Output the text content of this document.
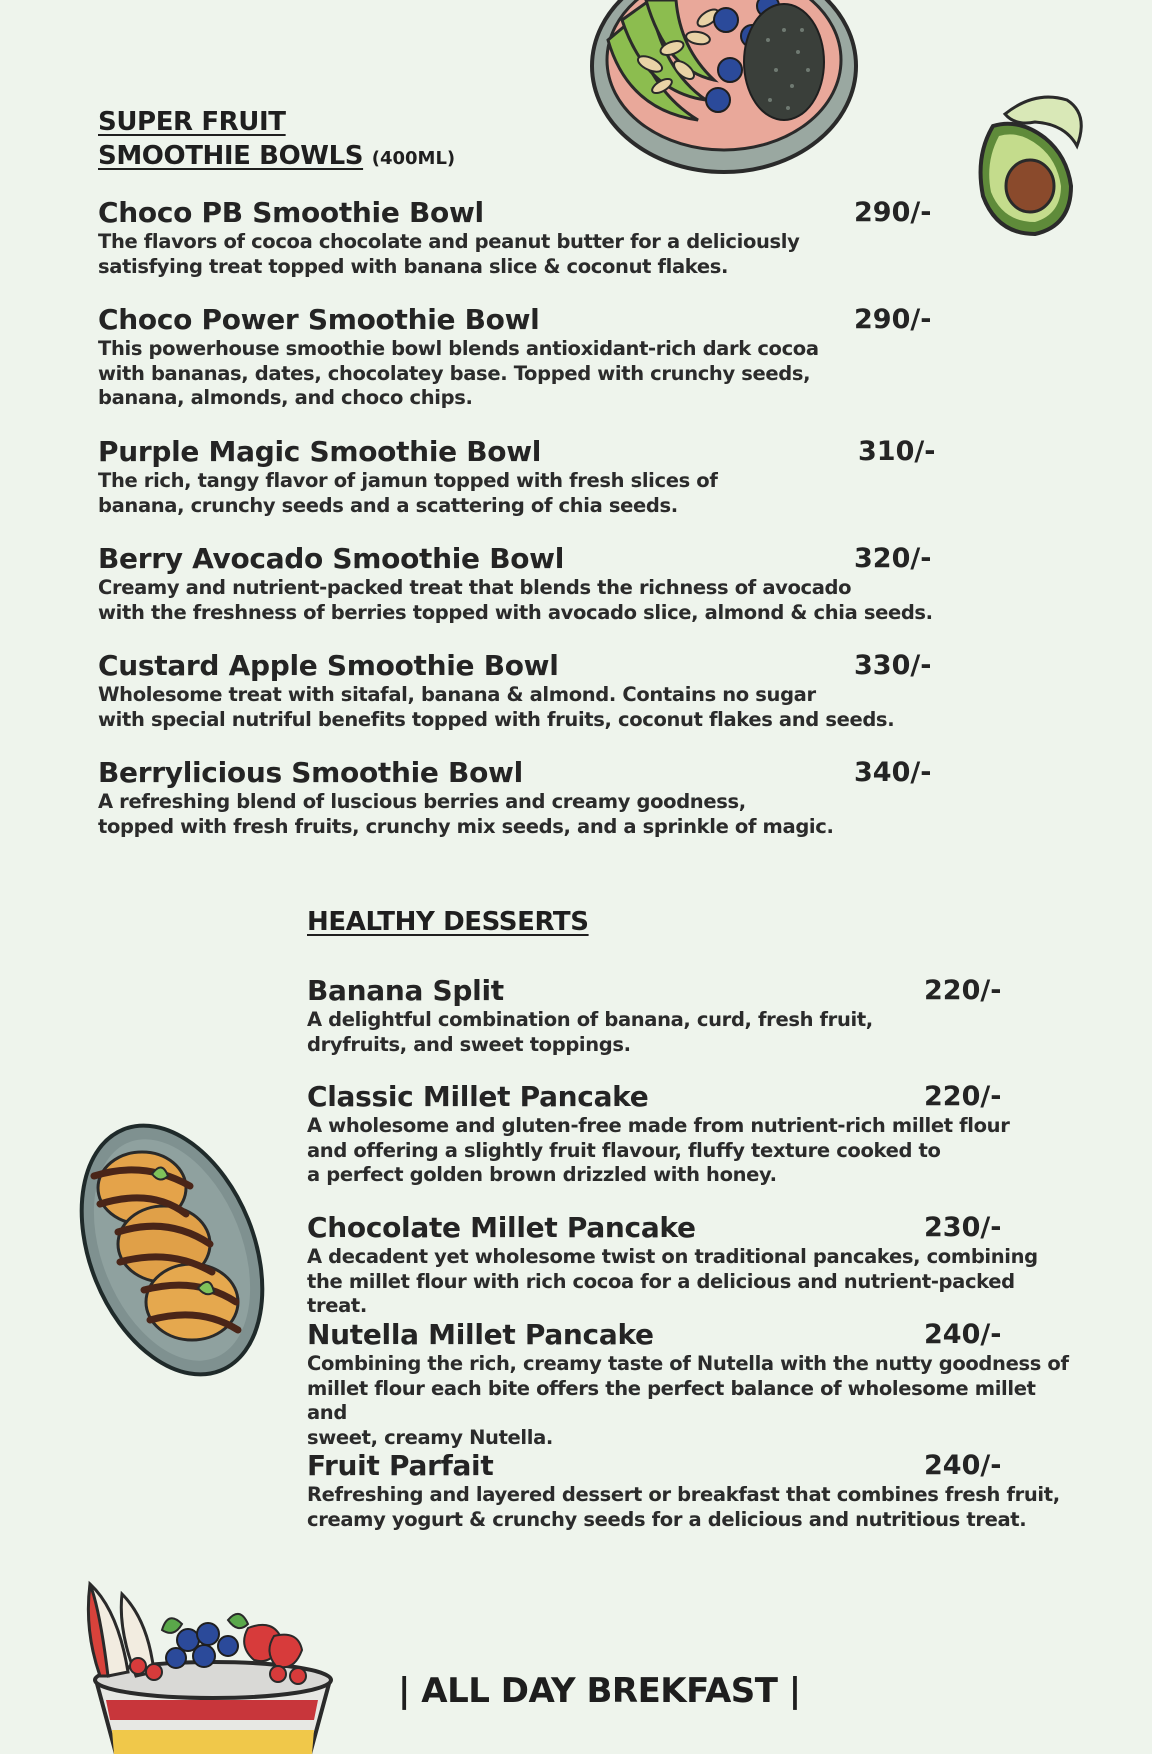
SUPER FRUIT
SMOOTHIE BOWLS (400ML)

Choco PB Smoothie Bowl	290/-

The flavors of cocoa chocolate and peanut butter for a deliciously
satisfying treat topped with banana slice & coconut flakes.

Choco Power Smoothie Bowl	290/-

This powerhouse smoothie bowl blends antioxidant-rich dark cocoa
with bananas, dates, chocolatey base. Topped with crunchy seeds,
banana, almonds, and choco chips.

Purple Magic Smoothie Bowl	310/-

The rich, tangy flavor of jamun topped with fresh slices of
banana, crunchy seeds and a scattering of chia seeds.

Berry Avocado Smoothie Bowl	320/-

Creamy and nutrient-packed treat that blends the richness of avocado
with the freshness of berries topped with avocado slice, almond & chia seeds.

Custard Apple Smoothie Bowl	330/-

Wholesome treat with sitafal, banana & almond. Contains no sugar
with special nutriful benefits topped with fruits, coconut flakes and seeds.

Berrylicious Smoothie Bowl	340/-

A refreshing blend of luscious berries and creamy goodness,
topped with fresh fruits, crunchy mix seeds, and a sprinkle of magic.

HEALTHY DESSERTS

Banana Split	220/-

A delightful combination of banana, curd, fresh fruit,
dryfruits, and sweet toppings.

Classic Millet Pancake	220/-

A wholesome and gluten-free made from nutrient-rich millet flour
and offering a slightly fruit flavour, fluffy texture cooked to
a perfect golden brown drizzled with honey.

Chocolate Millet Pancake	230/-

A decadent yet wholesome twist on traditional pancakes, combining
the millet flour with rich cocoa for a delicious and nutrient-packed treat.

Nutella Millet Pancake	240/-

Combining the rich, creamy taste of Nutella with the nutty goodness of
millet flour each bite offers the perfect balance of wholesome millet and
sweet, creamy Nutella.

Fruit Parfait	240/-

Refreshing and layered dessert or breakfast that combines fresh fruit,
creamy yogurt & crunchy seeds for a delicious and nutritious treat.

| ALL DAY BREKFAST |
